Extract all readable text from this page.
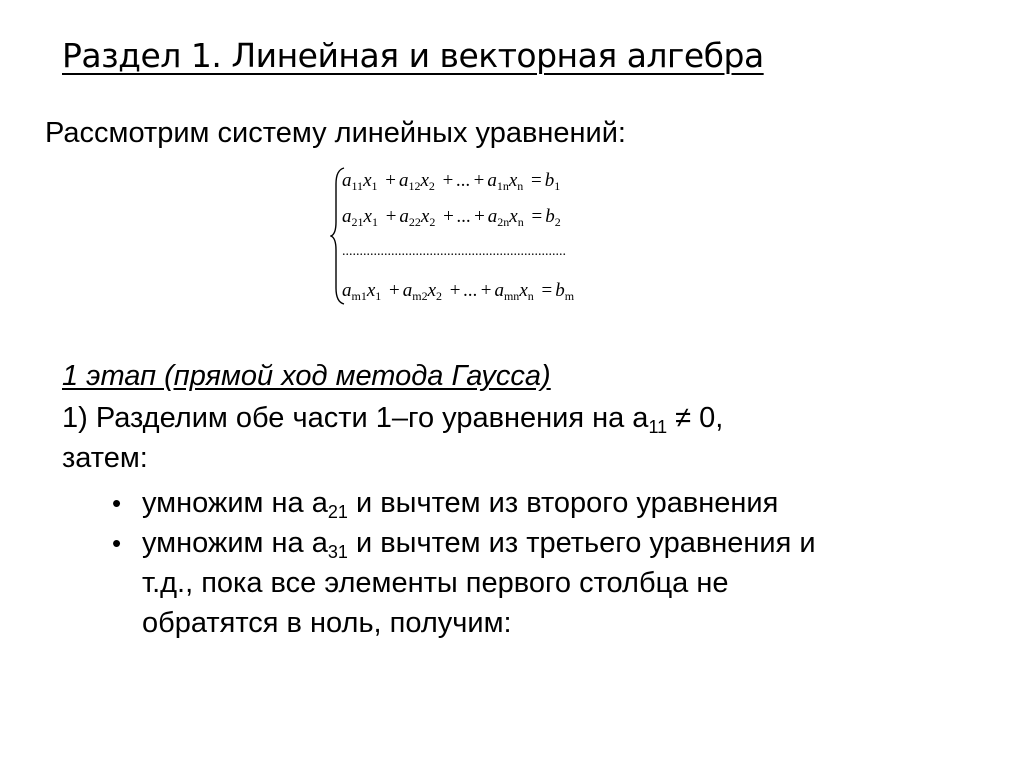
Раздел 1. Линейная и векторная алгебра
Рассмотрим систему линейных уравнений:
$a_{11}x_1 + a_{12}x_2$ + ... + $a_{1n}x_n = b_1$
$a_{21}x_1 + a_{22}x_2$ + ... + $a_{2n}x_n = b_2$
................................................................
$a_{m1}x_1 + a_{m2}x_2$ + ... + $a_{mn}x_n = b_m$
1 этап (прямой ход метода Гаусса)
1) Разделим обе части 1–го уравнения на $a_{11} \ne 0$,
затем:
• умножим на $a_{21}$ и вычтем из второго уравнения
• умножим на $a_{31}$ и вычтем из третьего уравнения и
т.д., пока все элементы первого столбца не
обратятся в ноль, получим:
